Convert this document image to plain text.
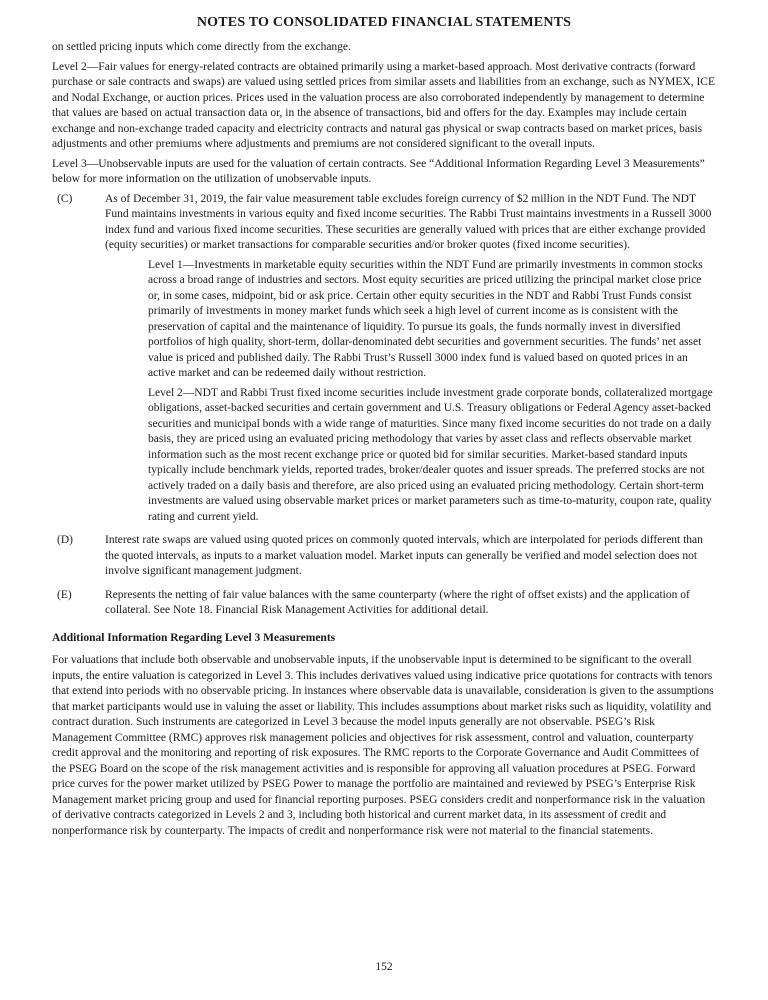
NOTES TO CONSOLIDATED FINANCIAL STATEMENTS

on settled pricing inputs which come directly from the exchange.

Level 2—Fair values for energy-related contracts are obtained primarily using a market-based approach. Most derivative contracts (forward purchase or sale contracts and swaps) are valued using settled prices from similar assets and liabilities from an exchange, such as NYMEX, ICE and Nodal Exchange, or auction prices. Prices used in the valuation process are also corroborated independently by management to determine that values are based on actual transaction data or, in the absence of transactions, bid and offers for the day. Examples may include certain exchange and non-exchange traded capacity and electricity contracts and natural gas physical or swap contracts based on market prices, basis adjustments and other premiums where adjustments and premiums are not considered significant to the overall inputs.

Level 3—Unobservable inputs are used for the valuation of certain contracts. See “Additional Information Regarding Level 3 Measurements” below for more information on the utilization of unobservable inputs.

(C)	As of December 31, 2019, the fair value measurement table excludes foreign currency of $2 million in the NDT Fund. The NDT Fund maintains investments in various equity and fixed income securities. The Rabbi Trust maintains investments in a Russell 3000 index fund and various fixed income securities. These securities are generally valued with prices that are either exchange provided (equity securities) or market transactions for comparable securities and/or broker quotes (fixed income securities).

Level 1—Investments in marketable equity securities within the NDT Fund are primarily investments in common stocks across a broad range of industries and sectors. Most equity securities are priced utilizing the principal market close price or, in some cases, midpoint, bid or ask price. Certain other equity securities in the NDT and Rabbi Trust Funds consist primarily of investments in money market funds which seek a high level of current income as is consistent with the preservation of capital and the maintenance of liquidity. To pursue its goals, the funds normally invest in diversified portfolios of high quality, short-term, dollar-denominated debt securities and government securities. The funds’ net asset value is priced and published daily. The Rabbi Trust’s Russell 3000 index fund is valued based on quoted prices in an active market and can be redeemed daily without restriction.

Level 2—NDT and Rabbi Trust fixed income securities include investment grade corporate bonds, collateralized mortgage obligations, asset-backed securities and certain government and U.S. Treasury obligations or Federal Agency asset-backed securities and municipal bonds with a wide range of maturities. Since many fixed income securities do not trade on a daily basis, they are priced using an evaluated pricing methodology that varies by asset class and reflects observable market information such as the most recent exchange price or quoted bid for similar securities. Market-based standard inputs typically include benchmark yields, reported trades, broker/dealer quotes and issuer spreads. The preferred stocks are not actively traded on a daily basis and therefore, are also priced using an evaluated pricing methodology. Certain short-term investments are valued using observable market prices or market parameters such as time-to-maturity, coupon rate, quality rating and current yield.

(D)	Interest rate swaps are valued using quoted prices on commonly quoted intervals, which are interpolated for periods different than the quoted intervals, as inputs to a market valuation model. Market inputs can generally be verified and model selection does not involve significant management judgment.

(E)	Represents the netting of fair value balances with the same counterparty (where the right of offset exists) and the application of collateral. See Note 18. Financial Risk Management Activities for additional detail.

Additional Information Regarding Level 3 Measurements

For valuations that include both observable and unobservable inputs, if the unobservable input is determined to be significant to the overall inputs, the entire valuation is categorized in Level 3. This includes derivatives valued using indicative price quotations for contracts with tenors that extend into periods with no observable pricing. In instances where observable data is unavailable, consideration is given to the assumptions that market participants would use in valuing the asset or liability. This includes assumptions about market risks such as liquidity, volatility and contract duration. Such instruments are categorized in Level 3 because the model inputs generally are not observable. PSEG’s Risk Management Committee (RMC) approves risk management policies and objectives for risk assessment, control and valuation, counterparty credit approval and the monitoring and reporting of risk exposures. The RMC reports to the Corporate Governance and Audit Committees of the PSEG Board on the scope of the risk management activities and is responsible for approving all valuation procedures at PSEG. Forward price curves for the power market utilized by PSEG Power to manage the portfolio are maintained and reviewed by PSEG’s Enterprise Risk Management market pricing group and used for financial reporting purposes. PSEG considers credit and nonperformance risk in the valuation of derivative contracts categorized in Levels 2 and 3, including both historical and current market data, in its assessment of credit and nonperformance risk by counterparty. The impacts of credit and nonperformance risk were not material to the financial statements.

152
